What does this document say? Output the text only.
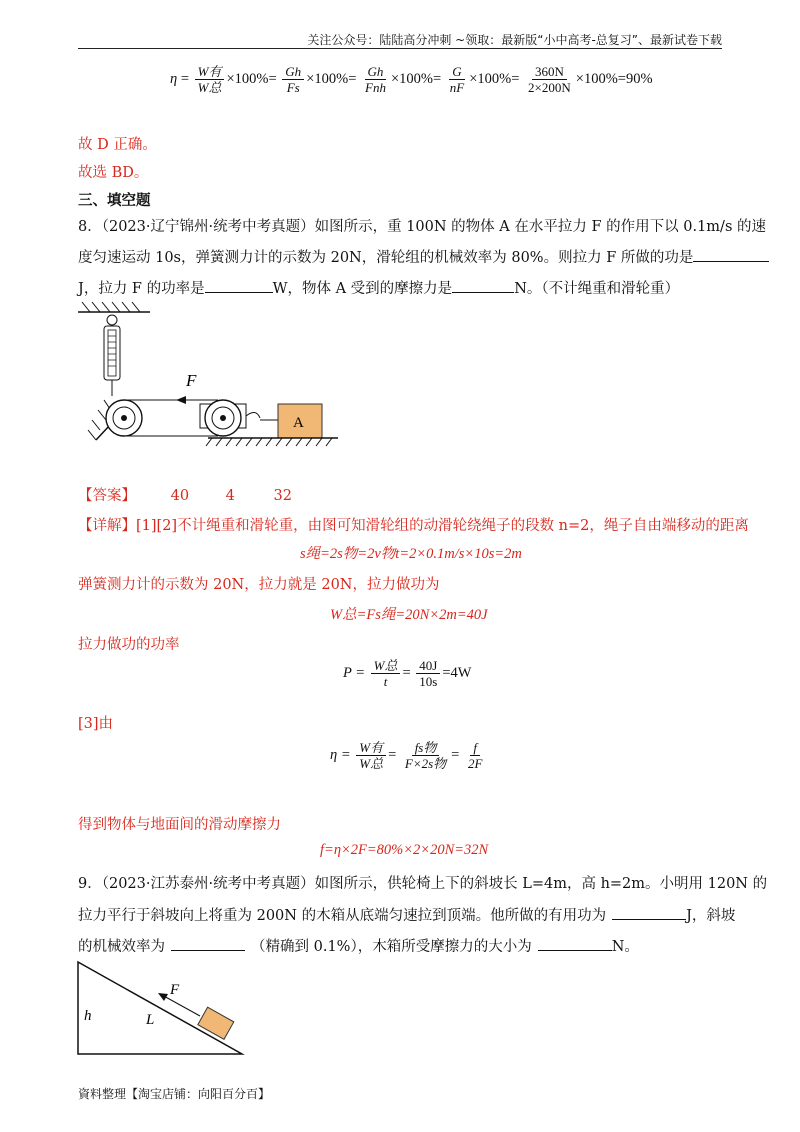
关注公众号：陆陆高分冲刺 ~领取：最新版“小中高考-总复习”、最新试卷下载
$\eta = \frac{\text{W有}}{\text{W总}} \times 100\%= \frac{Gh}{Fs} \times 100\%= \frac{Gh}{\text{Fnh}} \times 100\%= \frac{G}{nF} \times 100\%= \frac{360N}{2\times 200N} \times 100\%=90\%$
故 D 正确。
故选 BD。
三、填空题
8．（2023·辽宁锦州·统考中考真题）如图所示，重 100N 的物体 A 在水平拉力 F 的作用下以 0.1m/s 的速
度匀速运动 10s，弹簧测力计的示数为 20N，滑轮组的机械效率为 80%。则拉力 F 所做的功是
J，拉力 F 的功率是	W，物体 A 受到的摩擦力是	N。（不计绳重和滑轮重）
F
A
【答案】 40	4	32
【详解】[1][2]不计绳重和滑轮重，由图可知滑轮组的动滑轮绕绳子的段数 n=2，绳子自由端移动的距离
s绳=2s物=2v物t=2×0.1m/s×10s=2m
弹簧测力计的示数为 20N，拉力就是 20N，拉力做功为
W总=Fs绳=20N×2m=40J
拉力做功的功率
$P = \frac{\text{W总}}{t} = \frac{40J}{10s} =4W$
[3]由
$\eta = \frac{\text{W有}}{\text{W总}} = \frac{\text{fs物}}{\text{F×2s物}} = \frac{f}{2F}$
得到物体与地面间的滑动摩擦力
f=η×2F=80%×2×20N=32N
9．（2023·江苏泰州·统考中考真题）如图所示，供轮椅上下的斜坡长 L=4m，高 h=2m。小明用 120N 的
拉力平行于斜坡向上将重为 200N 的木箱从底端匀速拉到顶端。他所做的有用功为	J，斜坡
的机械效率为	（精确到 0.1%），木箱所受摩擦力的大小为	N。
h	L
F
資料整理【淘宝店铺：向阳百分百】
